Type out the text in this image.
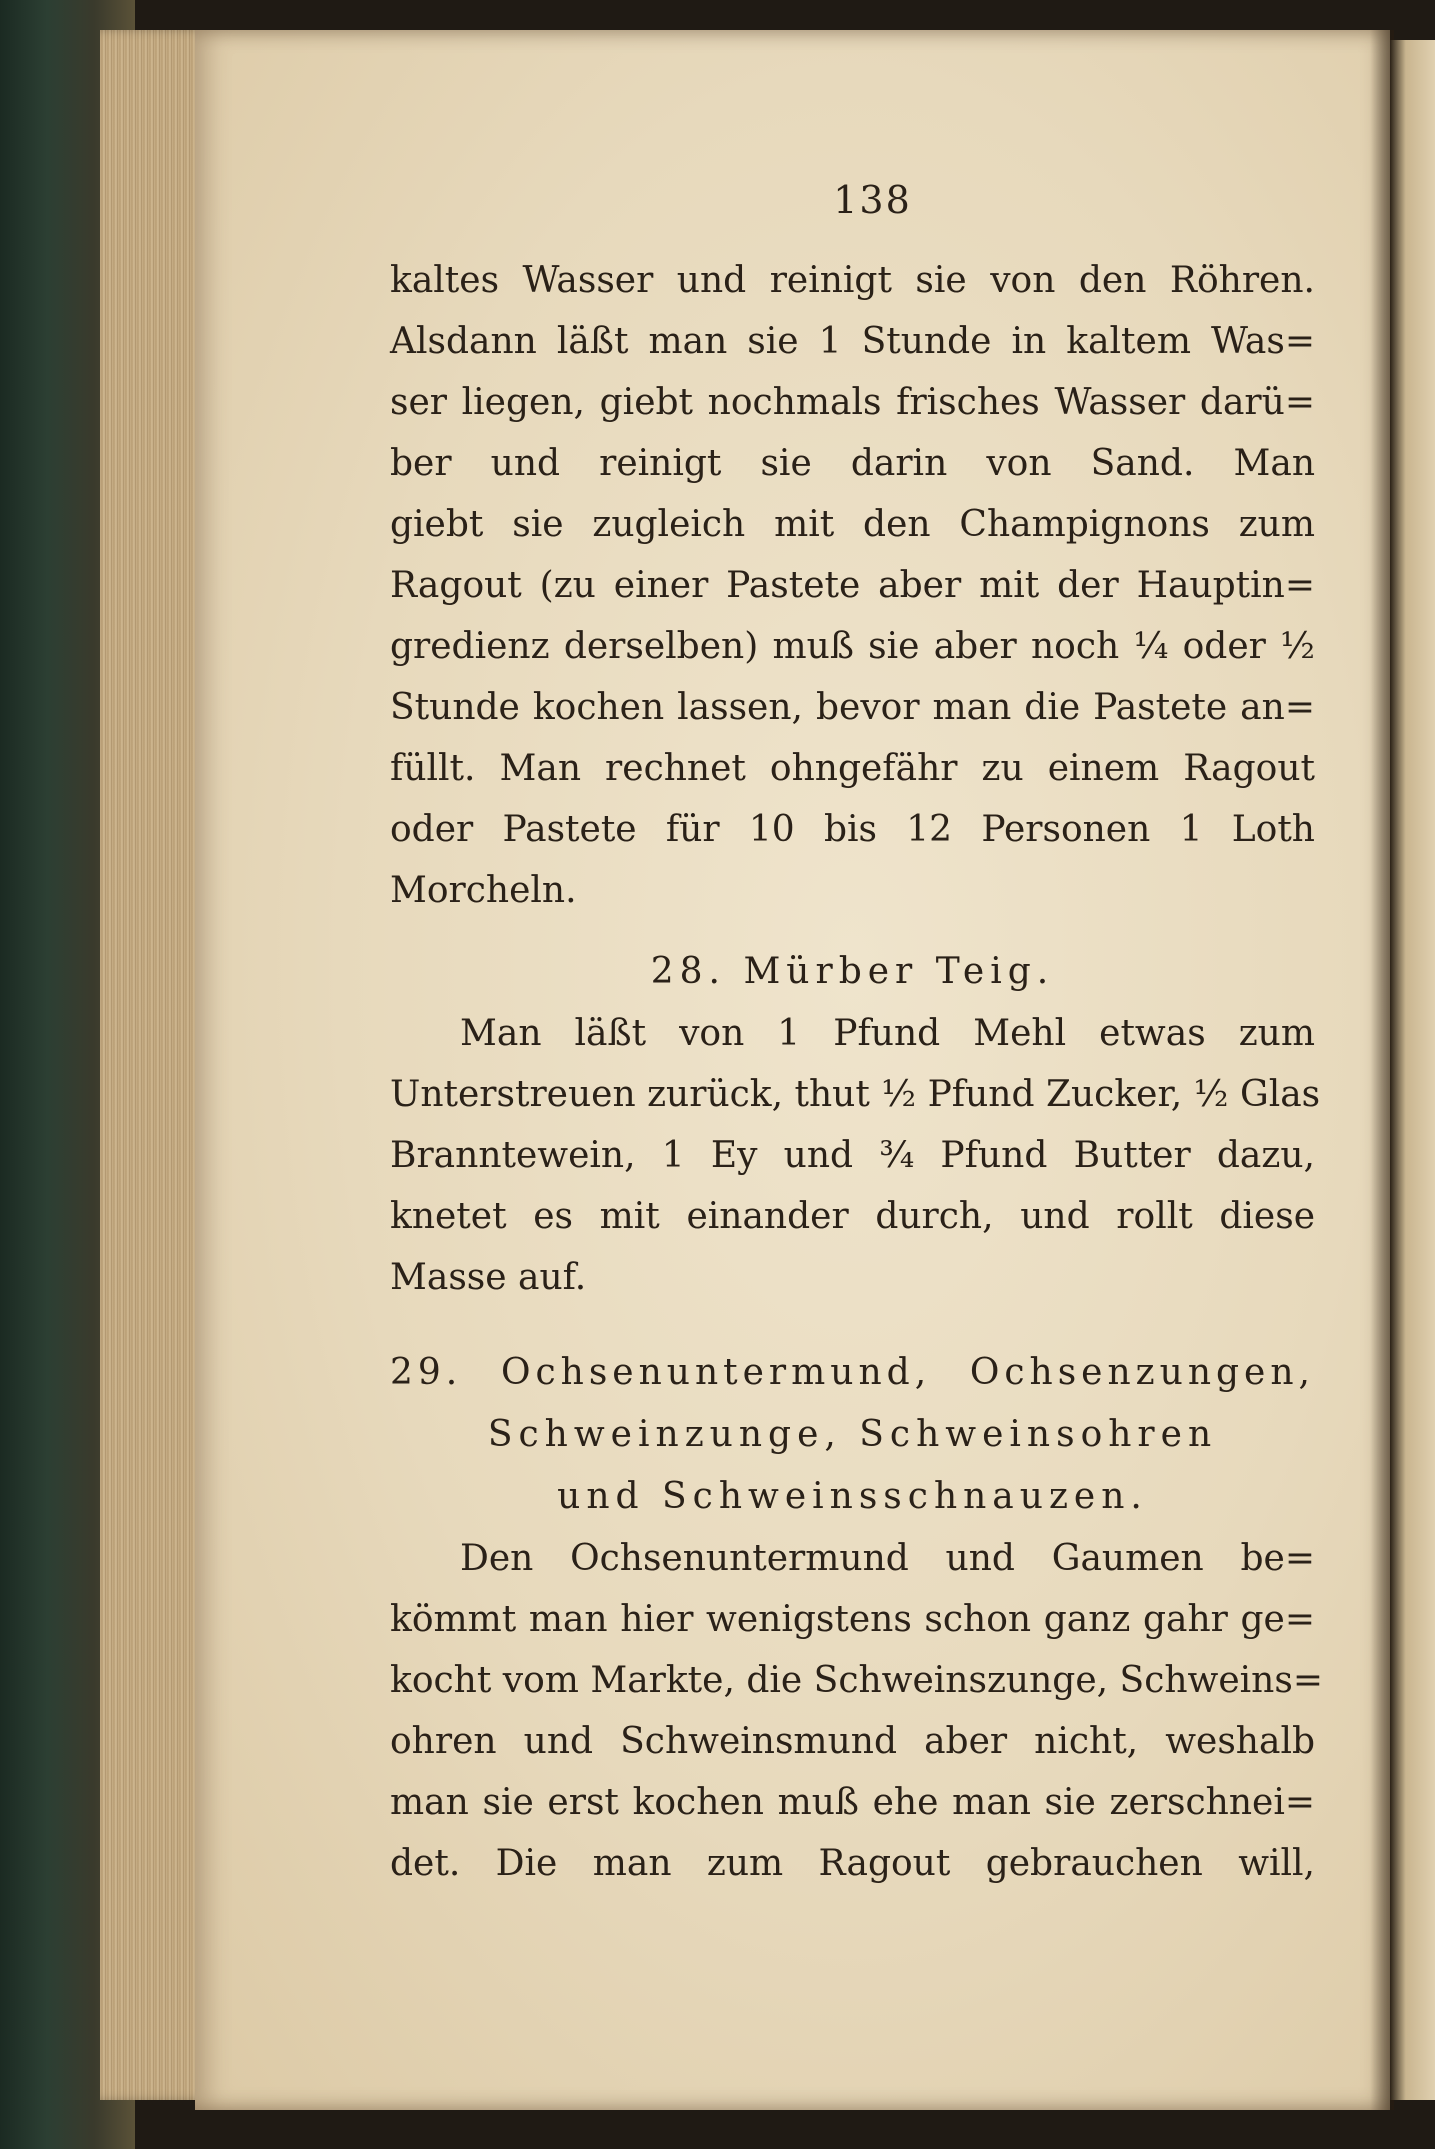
138
kaltes Wasser und reinigt sie von den Röhren.
Alsdann läßt man sie 1 Stunde in kaltem Was=
ser liegen, giebt nochmals frisches Wasser darü=
ber und reinigt sie darin von Sand. Man
giebt sie zugleich mit den Champignons zum
Ragout (zu einer Pastete aber mit der Hauptin=
gredienz derselben) muß sie aber noch ¼ oder ½
Stunde kochen lassen, bevor man die Pastete an=
füllt. Man rechnet ohngefähr zu einem Ragout
oder Pastete für 10 bis 12 Personen 1 Loth
Morcheln.
28. Mürber Teig.
Man läßt von 1 Pfund Mehl etwas zum
Unterstreuen zurück, thut ½ Pfund Zucker, ½ Glas
Branntewein, 1 Ey und ¾ Pfund Butter dazu,
knetet es mit einander durch, und rollt diese
Masse auf.
29. Ochsenuntermund, Ochsenzungen,
Schweinzunge, Schweinsohren
und Schweinsschnauzen.
Den Ochsenuntermund und Gaumen be=
kömmt man hier wenigstens schon ganz gahr ge=
kocht vom Markte, die Schweinszunge, Schweins=
ohren und Schweinsmund aber nicht, weshalb
man sie erst kochen muß ehe man sie zerschnei=
det. Die man zum Ragout gebrauchen will,
